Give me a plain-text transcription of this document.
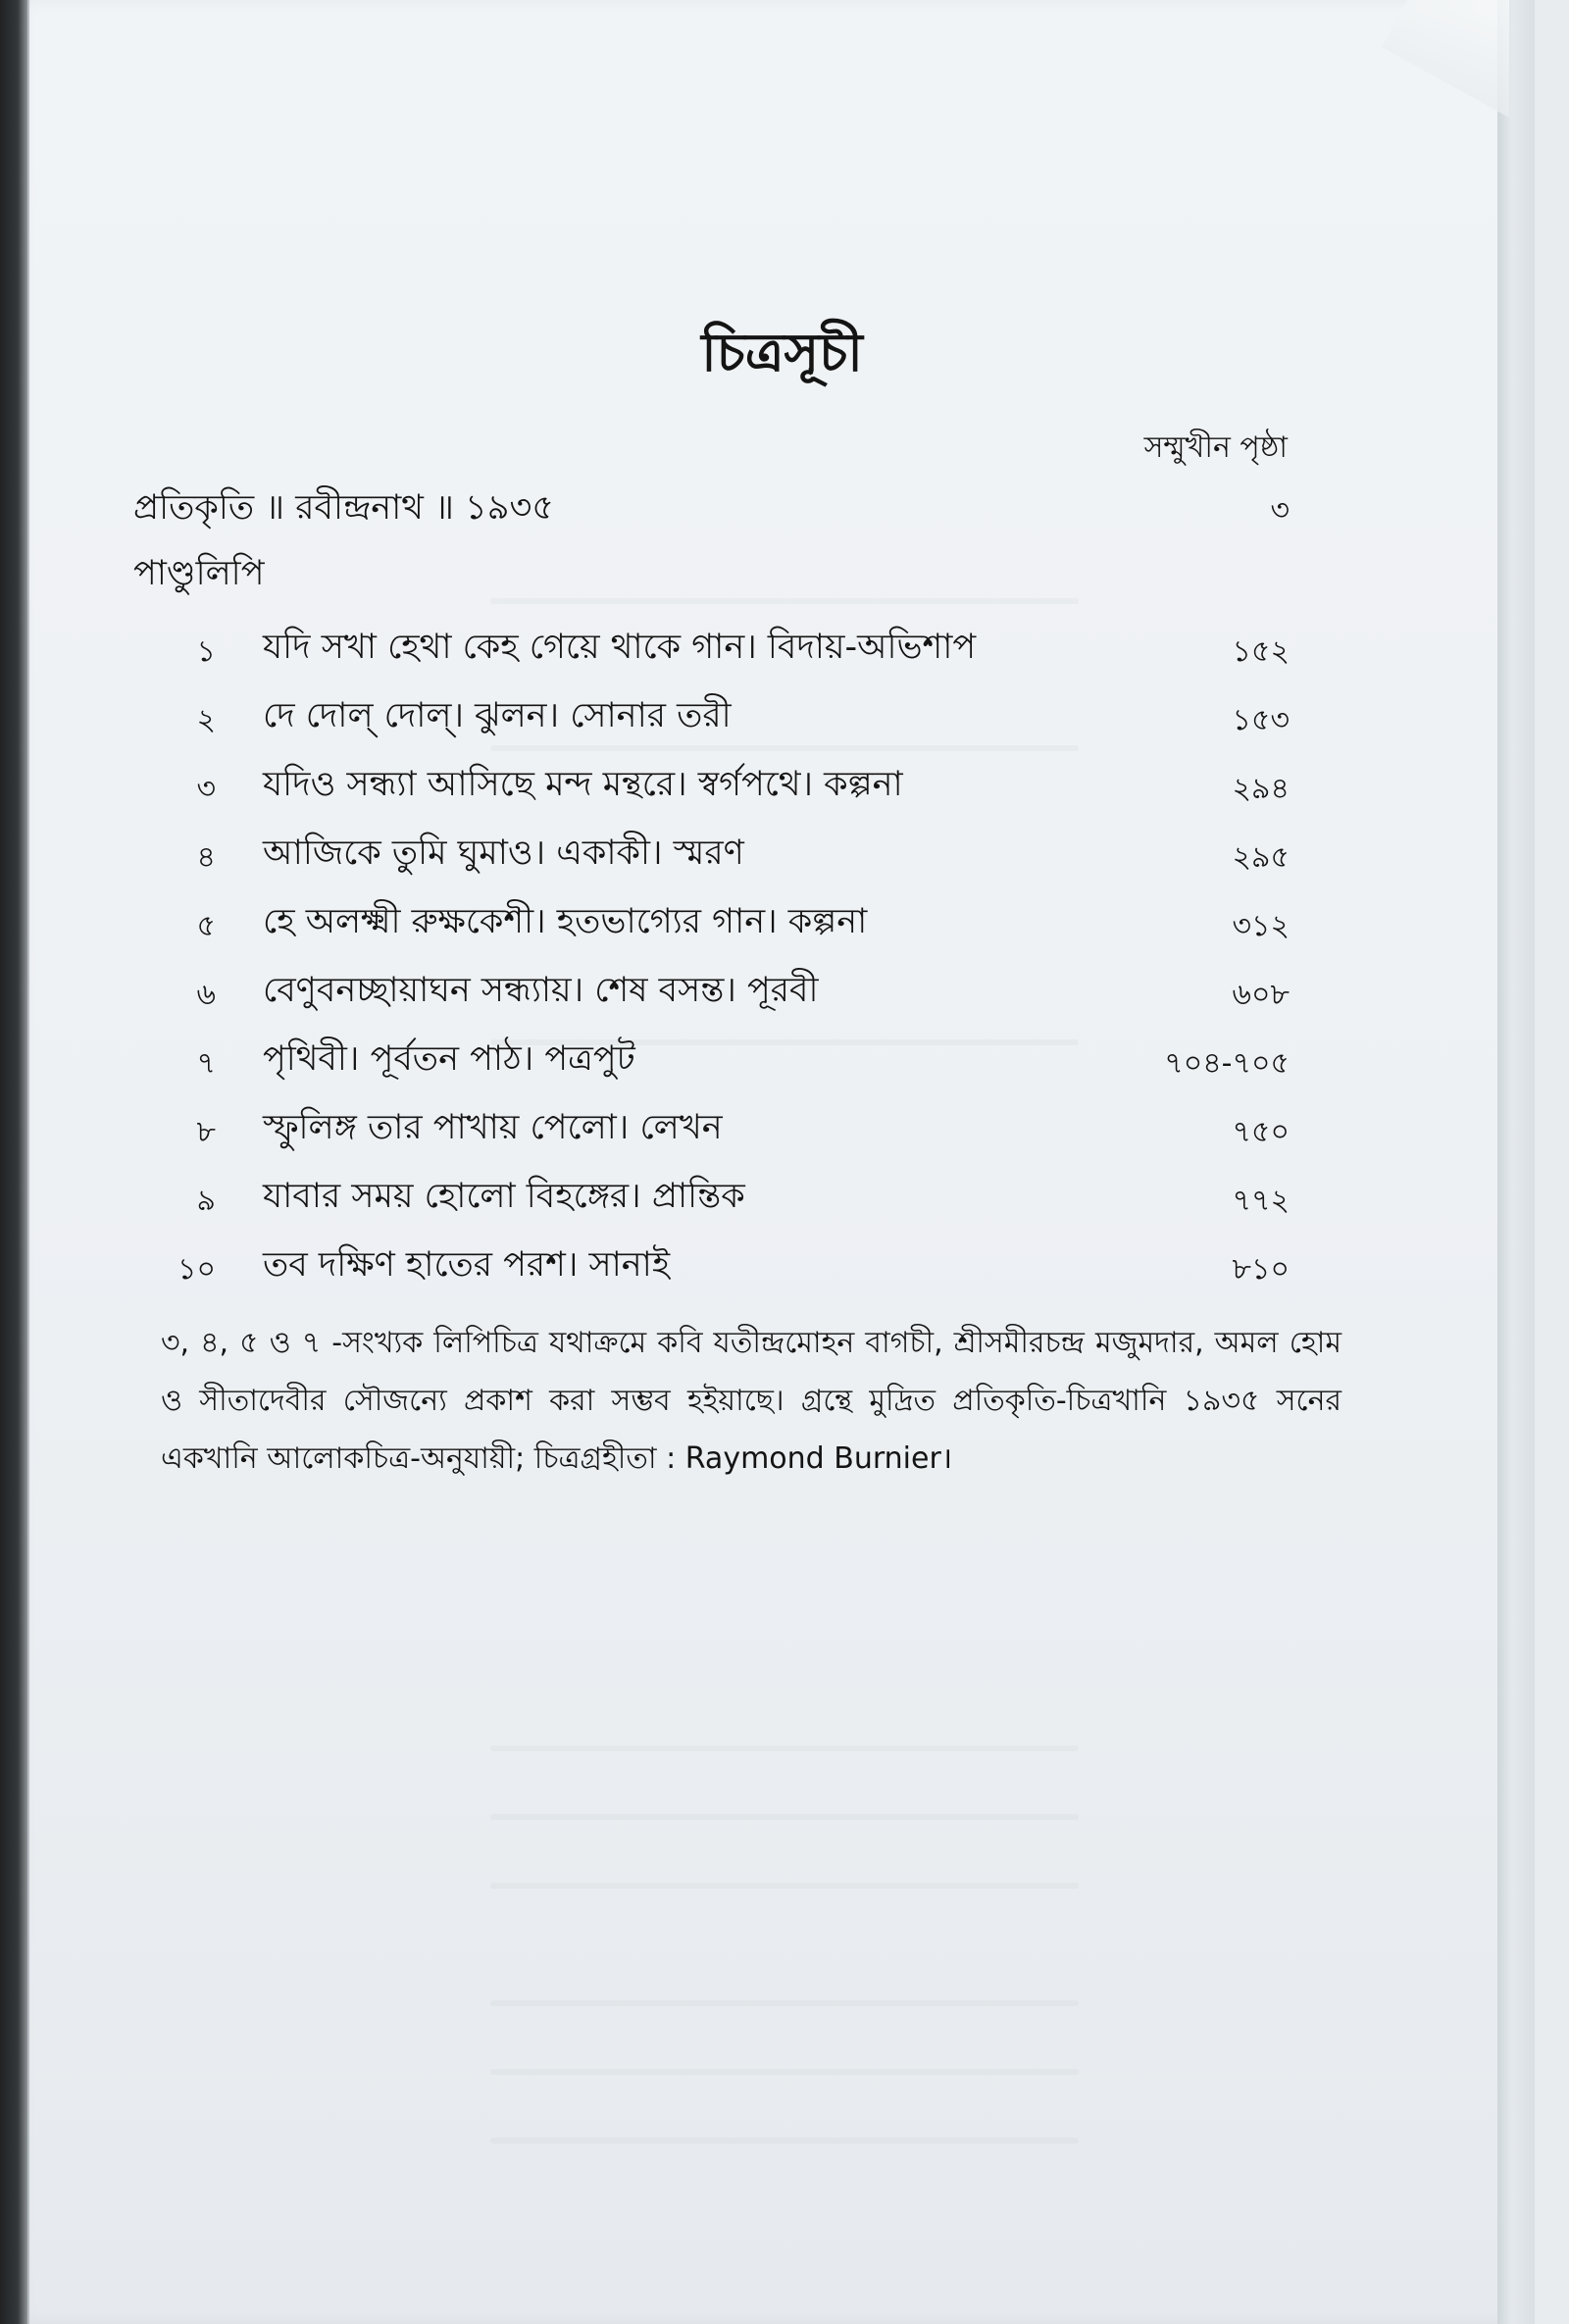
চিত্রসূচী
সম্মুখীন পৃষ্ঠা
প্রতিকৃতি ॥ রবীন্দ্রনাথ ॥ ১৯৩৫	৩
পাণ্ডুলিপি
১ যদি সখা হেথা কেহ গেয়ে থাকে গান। বিদায়-অভিশাপ	১৫২
২ দে দোল্ দোল্। ঝুলন। সোনার তরী	১৫৩
৩ যদিও সন্ধ্যা আসিছে মন্দ মন্থরে। স্বর্গপথে। কল্পনা	২৯৪
৪ আজিকে তুমি ঘুমাও। একাকী। স্মরণ	২৯৫
৫ হে অলক্ষ্মী রুক্ষকেশী। হতভাগ্যের গান। কল্পনা	৩১২
৬ বেণুবনচ্ছায়াঘন সন্ধ্যায়। শেষ বসন্ত। পূরবী	৬০৮
৭ পৃথিবী। পূর্বতন পাঠ। পত্রপুট	৭০৪-৭০৫
৮ স্ফুলিঙ্গ তার পাখায় পেলো। লেখন	৭৫০
৯ যাবার সময় হোলো বিহঙ্গের। প্রান্তিক	৭৭২
১০ তব দক্ষিণ হাতের পরশ। সানাই	৮১০
৩, ৪, ৫ ও ৭ -সংখ্যক লিপিচিত্র যথাক্রমে কবি যতীন্দ্রমোহন বাগচী, শ্রীসমীরচন্দ্র মজুমদার, অমল হোম ও সীতাদেবীর সৌজন্যে প্রকাশ করা সম্ভব হইয়াছে। গ্রন্থে মুদ্রিত প্রতিকৃতি-চিত্রখানি ১৯৩৫ সনের একখানি আলোকচিত্র-অনুযায়ী; চিত্রগ্রহীতা : Raymond Burnier।
